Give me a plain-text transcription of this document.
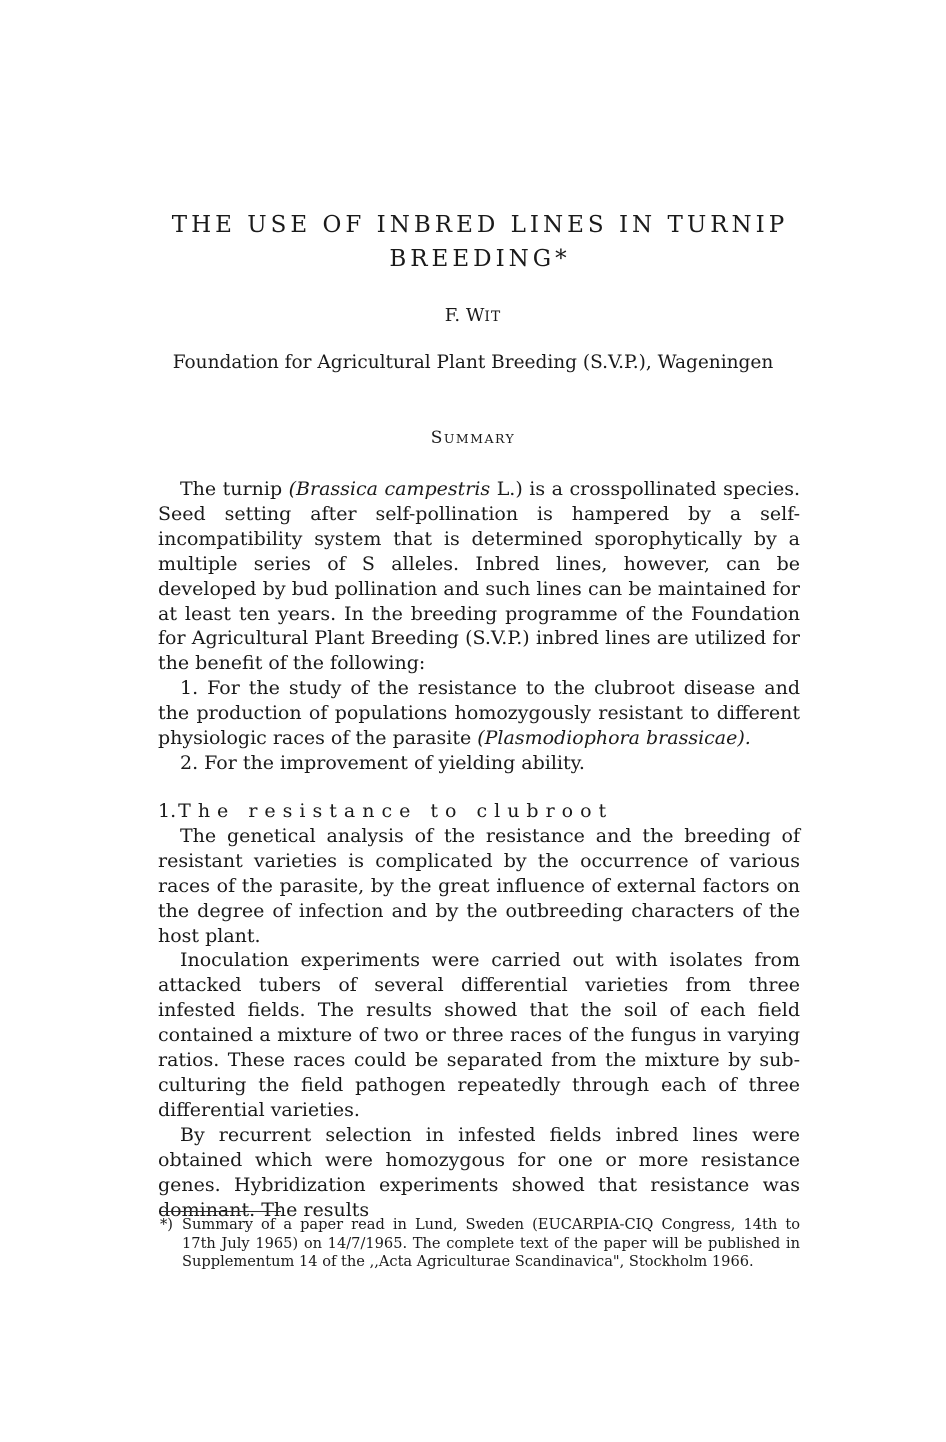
THE USE OF INBRED LINES IN TURNIP
BREEDING*
F. WIT
Foundation for Agricultural Plant Breeding (S.V.P.), Wageningen
SUMMARY

The turnip (Brassica campestris L.) is a crosspollinated species. Seed setting after self-pollination is hampered by a self-incompatibility system that is determined sporophytically by a multiple series of S alleles. Inbred lines, however, can be developed by bud pollination and such lines can be maintained for at least ten years. In the breeding programme of the Foundation for Agricultural Plant Breeding (S.V.P.) inbred lines are utilized for the benefit of the following:

1. For the study of the resistance to the clubroot disease and the production of populations homozygously resistant to different physiologic races of the parasite (Plasmodiophora brassicae).

2. For the improvement of yielding ability.

1. The resistance to clubroot

The genetical analysis of the resistance and the breeding of resistant varieties is complicated by the occurrence of various races of the parasite, by the great influence of external factors on the degree of infection and by the outbreeding characters of the host plant.

Inoculation experiments were carried out with isolates from attacked tubers of several differential varieties from three infested fields. The results showed that the soil of each field contained a mixture of two or three races of the fungus in varying ratios. These races could be separated from the mixture by sub-culturing the field pathogen repeatedly through each of three differential varieties.

By recurrent selection in infested fields inbred lines were obtained which were homozygous for one or more resistance genes. Hybridization experiments showed that resistance was dominant. The results

*) Summary of a paper read in Lund, Sweden (EUCARPIA-CIQ Congress, 14th to 17th July 1965) on 14/7/1965. The complete text of the paper will be published in Supplementum 14 of the ,,Acta Agriculturae Scandinavica", Stockholm 1966.
